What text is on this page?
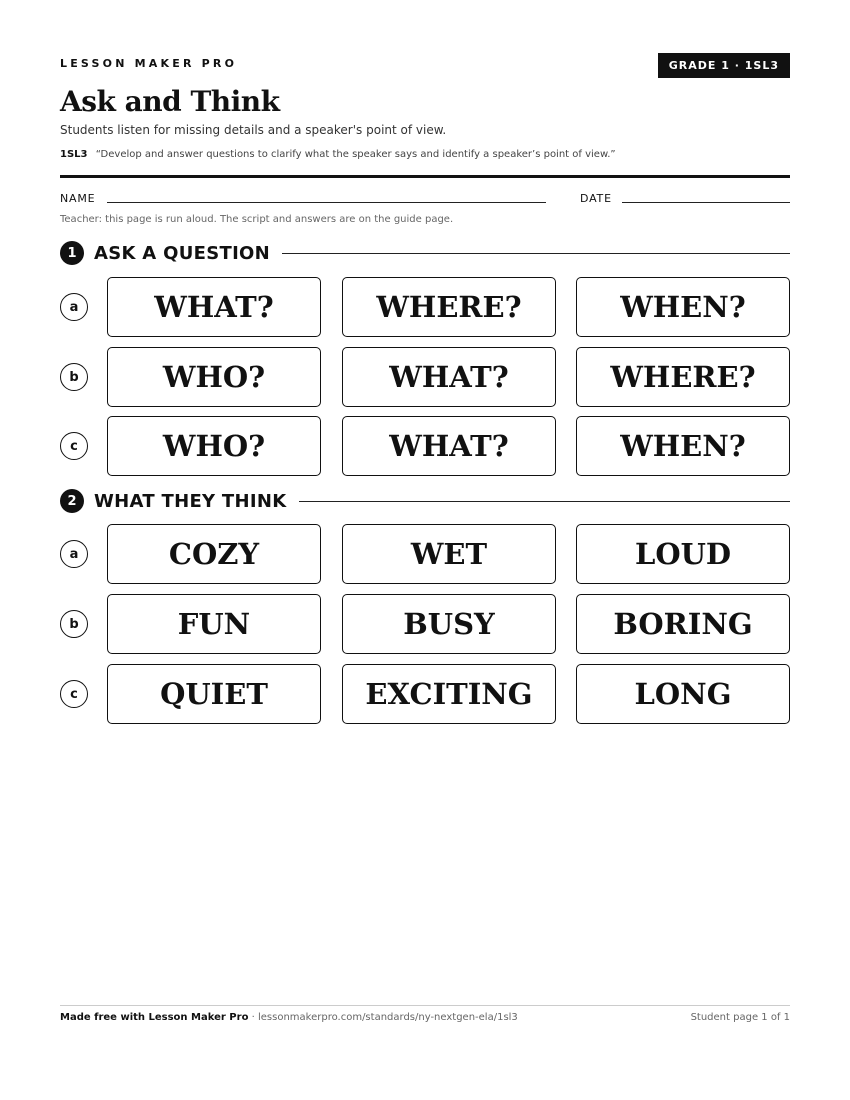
LESSON MAKER PRO	GRADE 1 · 1SL3
Ask and Think
Students listen for missing details and a speaker's point of view.
1SL3 “Develop and answer questions to clarify what the speaker says and identify a speaker’s point of view.”
NAME	DATE
Teacher: this page is run aloud. The script and answers are on the guide page.
1 ASK A QUESTION
a	WHAT?	WHERE?	WHEN?
b	WHO?	WHAT?	WHERE?
c	WHO?	WHAT?	WHEN?
2 WHAT THEY THINK
a	COZY	WET	LOUD
b	FUN	BUSY	BORING
c	QUIET	EXCITING	LONG
Made free with Lesson Maker Pro · lessonmakerpro.com/standards/ny-nextgen-ela/1sl3	Student page 1 of 1
